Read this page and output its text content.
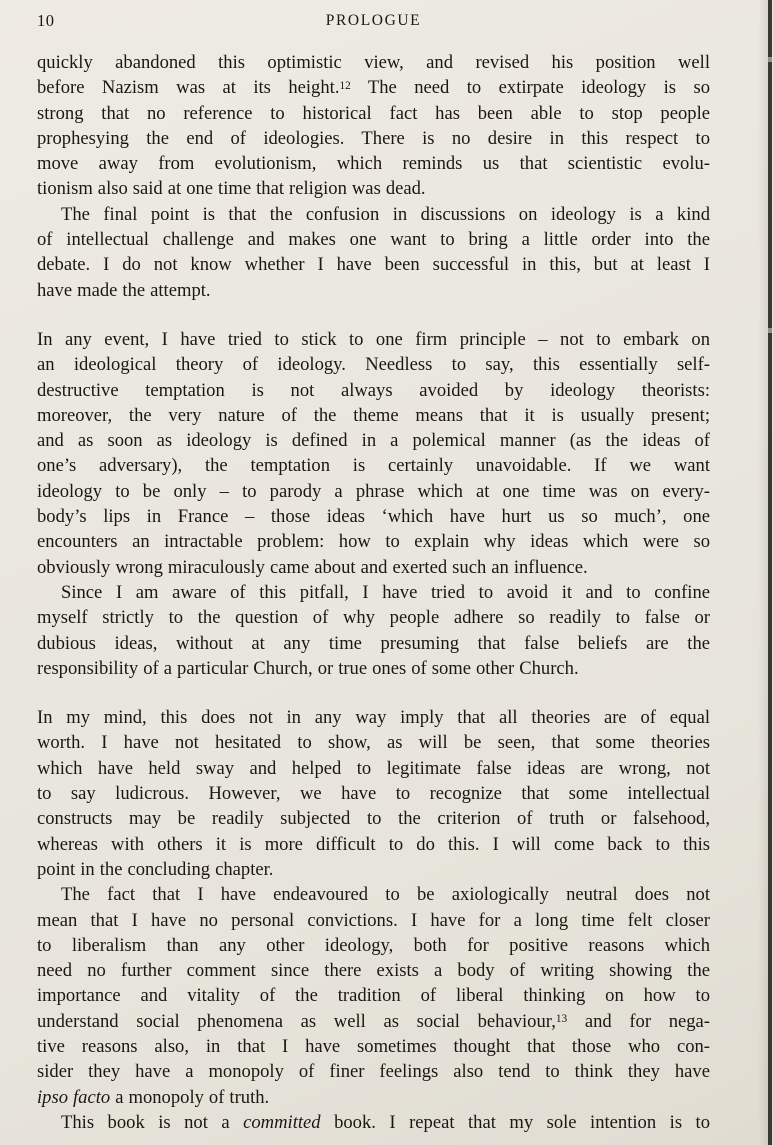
10	PROLOGUE
quickly abandoned this optimistic view, and revised his position well
before Nazism was at its height.$^{12}$ The need to extirpate ideology is so
strong that no reference to historical fact has been able to stop people
prophesying the end of ideologies. There is no desire in this respect to
move away from evolutionism, which reminds us that scientistic evolu-
tionism also said at one time that religion was dead.
The final point is that the confusion in discussions on ideology is a kind
of intellectual challenge and makes one want to bring a little order into the
debate. I do not know whether I have been successful in this, but at least I
have made the attempt.
In any event, I have tried to stick to one firm principle – not to embark on
an ideological theory of ideology. Needless to say, this essentially self-
destructive temptation is not always avoided by ideology theorists:
moreover, the very nature of the theme means that it is usually present;
and as soon as ideology is defined in a polemical manner (as the ideas of
one’s adversary), the temptation is certainly unavoidable. If we want
ideology to be only – to parody a phrase which at one time was on every-
body’s lips in France – those ideas ‘which have hurt us so much’, one
encounters an intractable problem: how to explain why ideas which were so
obviously wrong miraculously came about and exerted such an influence.
Since I am aware of this pitfall, I have tried to avoid it and to confine
myself strictly to the question of why people adhere so readily to false or
dubious ideas, without at any time presuming that false beliefs are the
responsibility of a particular Church, or true ones of some other Church.
In my mind, this does not in any way imply that all theories are of equal
worth. I have not hesitated to show, as will be seen, that some theories
which have held sway and helped to legitimate false ideas are wrong, not
to say ludicrous. However, we have to recognize that some intellectual
constructs may be readily subjected to the criterion of truth or falsehood,
whereas with others it is more difficult to do this. I will come back to this
point in the concluding chapter.
The fact that I have endeavoured to be axiologically neutral does not
mean that I have no personal convictions. I have for a long time felt closer
to liberalism than any other ideology, both for positive reasons which
need no further comment since there exists a body of writing showing the
importance and vitality of the tradition of liberal thinking on how to
understand social phenomena as well as social behaviour,$^{13}$ and for nega-
tive reasons also, in that I have sometimes thought that those who con-
sider they have a monopoly of finer feelings also tend to think they have
ipso facto a monopoly of truth.
This book is not a committed book. I repeat that my sole intention is to
